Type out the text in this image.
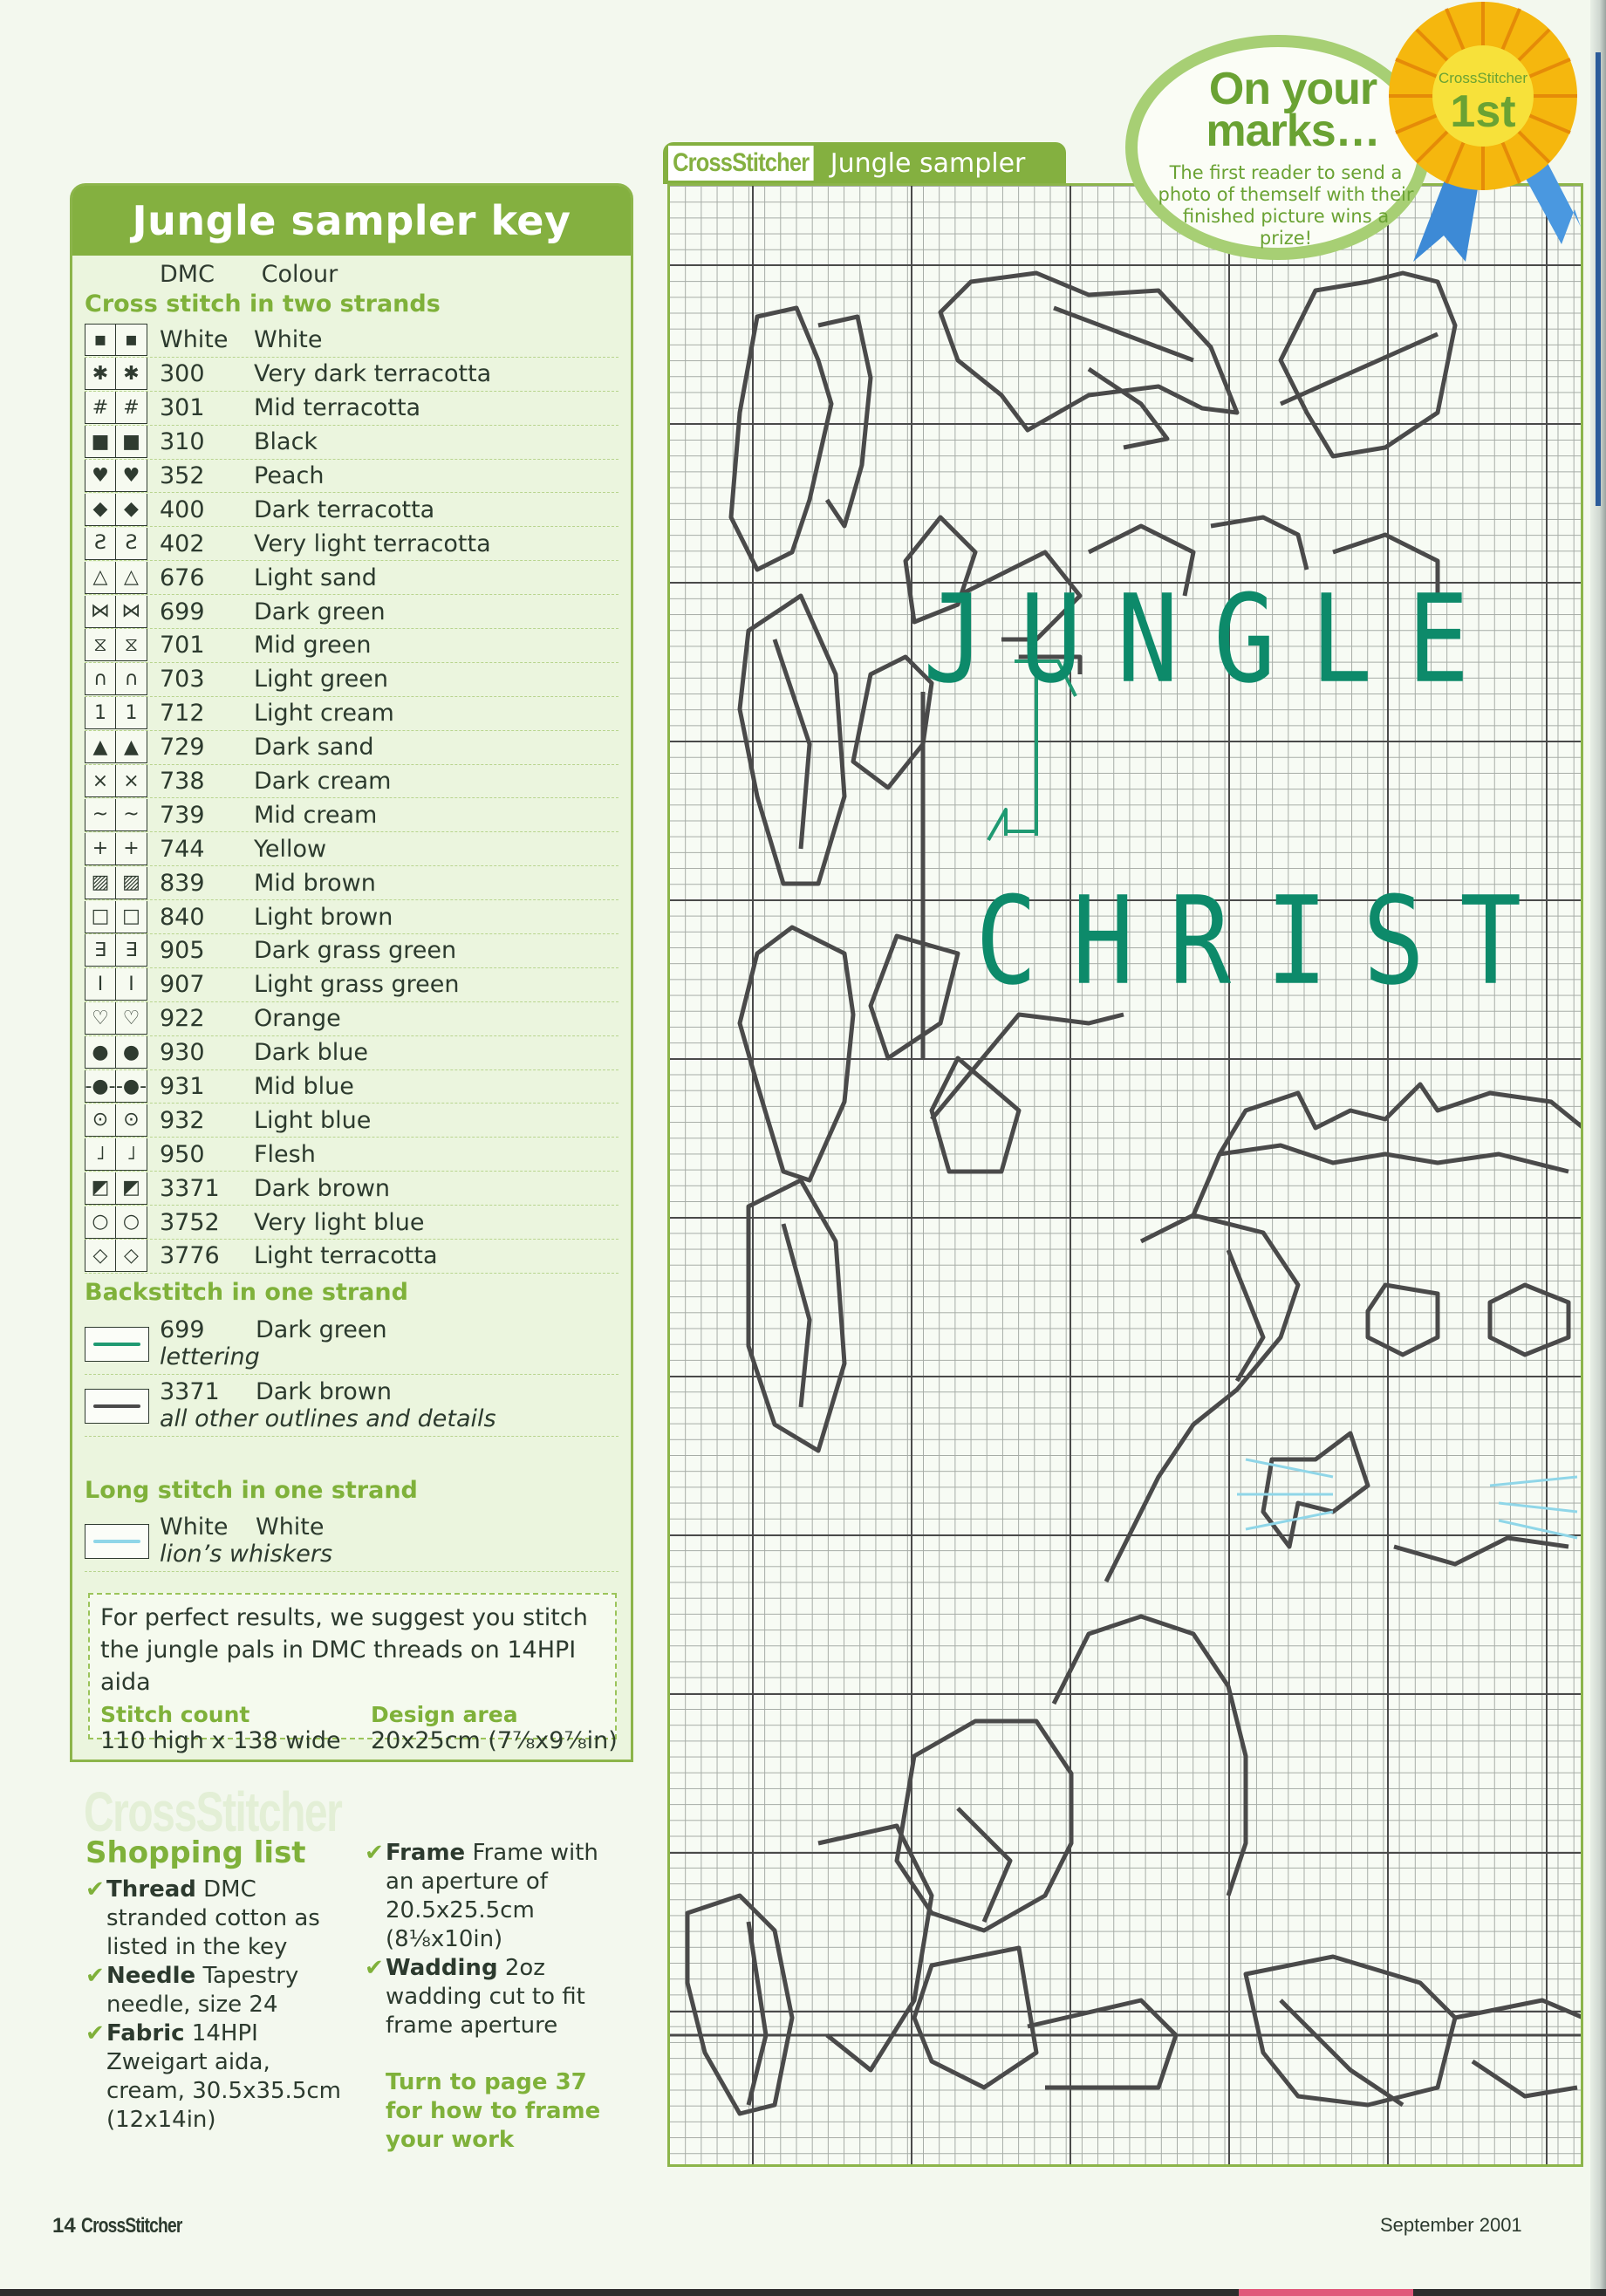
Jungle sampler key
DMC Colour
Cross stitch in two strands
▪ ▪ White	White
✱ ✱ 300	Very dark terracotta
# # 301	Mid terracotta
■ ■ 310	Black
♥ ♥ 352	Peach
◆ ◆ 400	Dark terracotta
Ƨ Ƨ 402	Very light terracotta
△ △ 676	Light sand
⋈ ⋈ 699	Dark green
⧖ ⧖ 701	Mid green
∩ ∩ 703	Light green
1 1 712	Light cream
▲ ▲ 729	Dark sand
× × 738	Dark cream
~ ~ 739	Mid cream
+ + 744	Yellow
▨ ▨ 839	Mid brown
□ □ 840	Light brown
∃ ∃ 905	Dark grass green
I	I	907	Light grass green
♡ ♡ 922	Orange
● ● 930	Dark blue
-●- -●- 931	Mid blue
⊙ ⊙ 932	Light blue
˩	˩	950	Flesh
◩ ◩ 3371	Dark brown
○ ○ 3752	Very light blue
◇ ◇ 3776	Light terracotta
Backstitch in one strand
699 Dark green
lettering
3371 Dark brown
all other outlines and details
Long stitch in one strand
White White
lion’s whiskers

For perfect results, we suggest you stitch the jungle pals in DMC threads on 14HPI aida

Stitch count
110 high x 138 wide
Design area
20x25cm (7⅞x9⅞in)
CrossStitcher
Shopping list
✔ Thread DMC stranded cotton as listed in the key
✔ Needle Tapestry needle, size 24
✔ Fabric 14HPI Zweigart aida, cream, 30.5x35.5cm (12x14in)
✔ Frame Frame with an aperture of 20.5x25.5cm (8⅛x10in)
✔ Wadding 2oz wadding cut to fit frame aperture
Turn to page 37 for how to frame your work
CrossStitcher Jungle sampler
JUNGLE
CHRIST
On your marks…
The first reader to send a photo of themself with their finished picture wins a prize!
CrossStitcher
1st
14 CrossStitcher	September 2001
